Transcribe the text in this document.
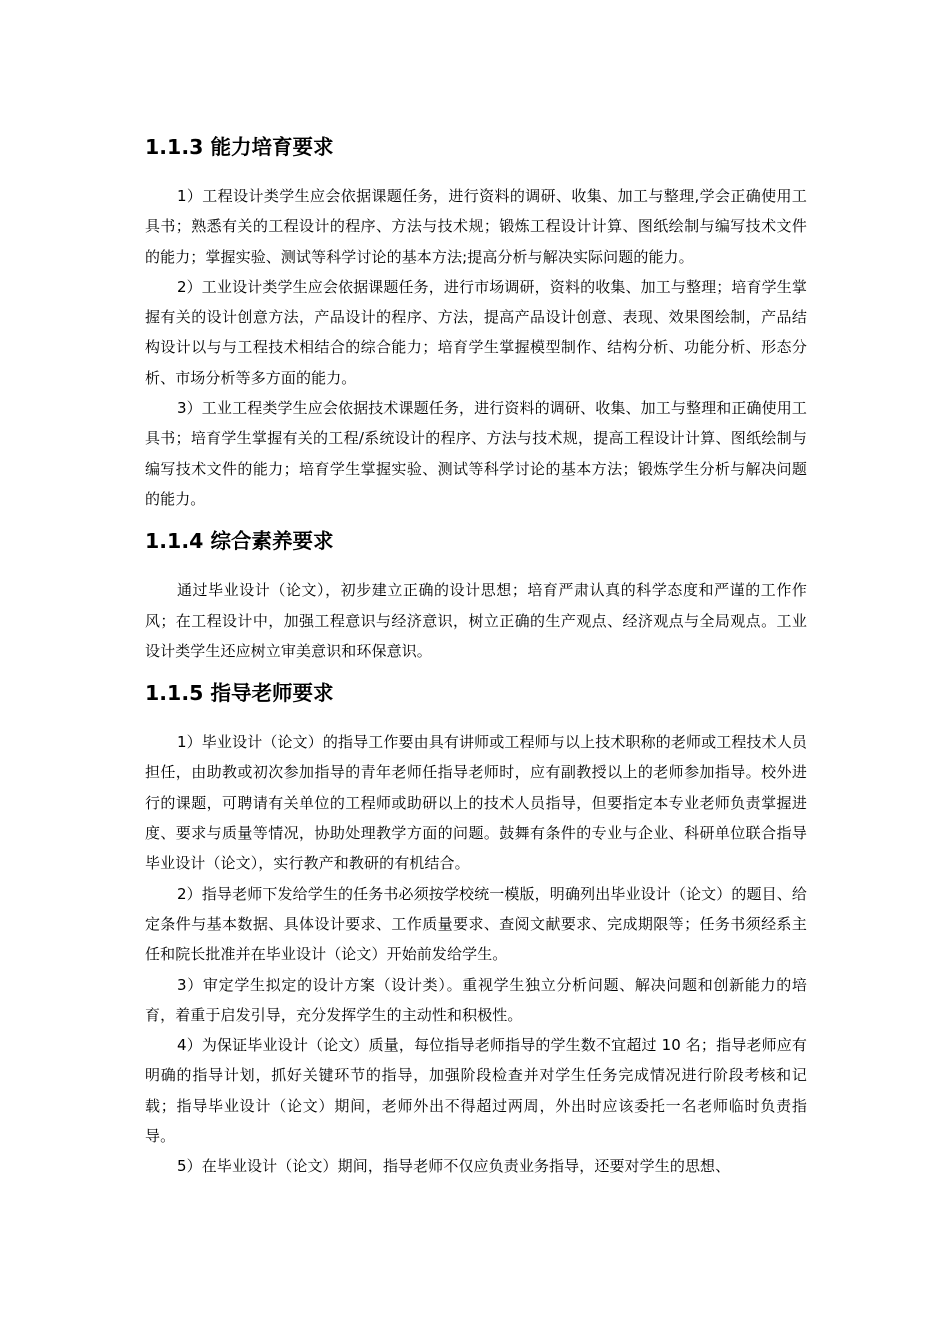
1.1.3 能力培育要求

1）工程设计类学生应会依据课题任务，进行资料的调研、收集、加工与整理,学会正确使用工具书；熟悉有关的工程设计的程序、方法与技术规；锻炼工程设计计算、图纸绘制与编写技术文件的能力；掌握实验、测试等科学讨论的基本方法;提高分析与解决实际问题的能力。

2）工业设计类学生应会依据课题任务，进行市场调研，资料的收集、加工与整理；培育学生掌握有关的设计创意方法，产品设计的程序、方法，提高产品设计创意、表现、效果图绘制，产品结构设计以与与工程技术相结合的综合能力；培育学生掌握模型制作、结构分析、功能分析、形态分析、市场分析等多方面的能力。

3）工业工程类学生应会依据技术课题任务，进行资料的调研、收集、加工与整理和正确使用工具书；培育学生掌握有关的工程/系统设计的程序、方法与技术规，提高工程设计计算、图纸绘制与编写技术文件的能力；培育学生掌握实验、测试等科学讨论的基本方法；锻炼学生分析与解决问题的能力。

1.1.4 综合素养要求

通过毕业设计（论文），初步建立正确的设计思想；培育严肃认真的科学态度和严谨的工作作风；在工程设计中，加强工程意识与经济意识，树立正确的生产观点、经济观点与全局观点。工业设计类学生还应树立审美意识和环保意识。

1.1.5 指导老师要求

1）毕业设计（论文）的指导工作要由具有讲师或工程师与以上技术职称的老师或工程技术人员担任，由助教或初次参加指导的青年老师任指导老师时，应有副教授以上的老师参加指导。校外进行的课题，可聘请有关单位的工程师或助研以上的技术人员指导，但要指定本专业老师负责掌握进度、要求与质量等情况，协助处理教学方面的问题。鼓舞有条件的专业与企业、科研单位联合指导毕业设计（论文），实行教产和教研的有机结合。

2）指导老师下发给学生的任务书必须按学校统一模版，明确列出毕业设计（论文）的题目、给定条件与基本数据、具体设计要求、工作质量要求、查阅文献要求、完成期限等；任务书须经系主任和院长批准并在毕业设计（论文）开始前发给学生。

3）审定学生拟定的设计方案（设计类）。重视学生独立分析问题、解决问题和创新能力的培育，着重于启发引导，充分发挥学生的主动性和积极性。

4）为保证毕业设计（论文）质量，每位指导老师指导的学生数不宜超过 10 名；指导老师应有明确的指导计划，抓好关键环节的指导，加强阶段检查并对学生任务完成情况进行阶段考核和记载；指导毕业设计（论文）期间，老师外出不得超过两周，外出时应该委托一名老师临时负责指导。

5）在毕业设计（论文）期间，指导老师不仅应负责业务指导，还要对学生的思想、
